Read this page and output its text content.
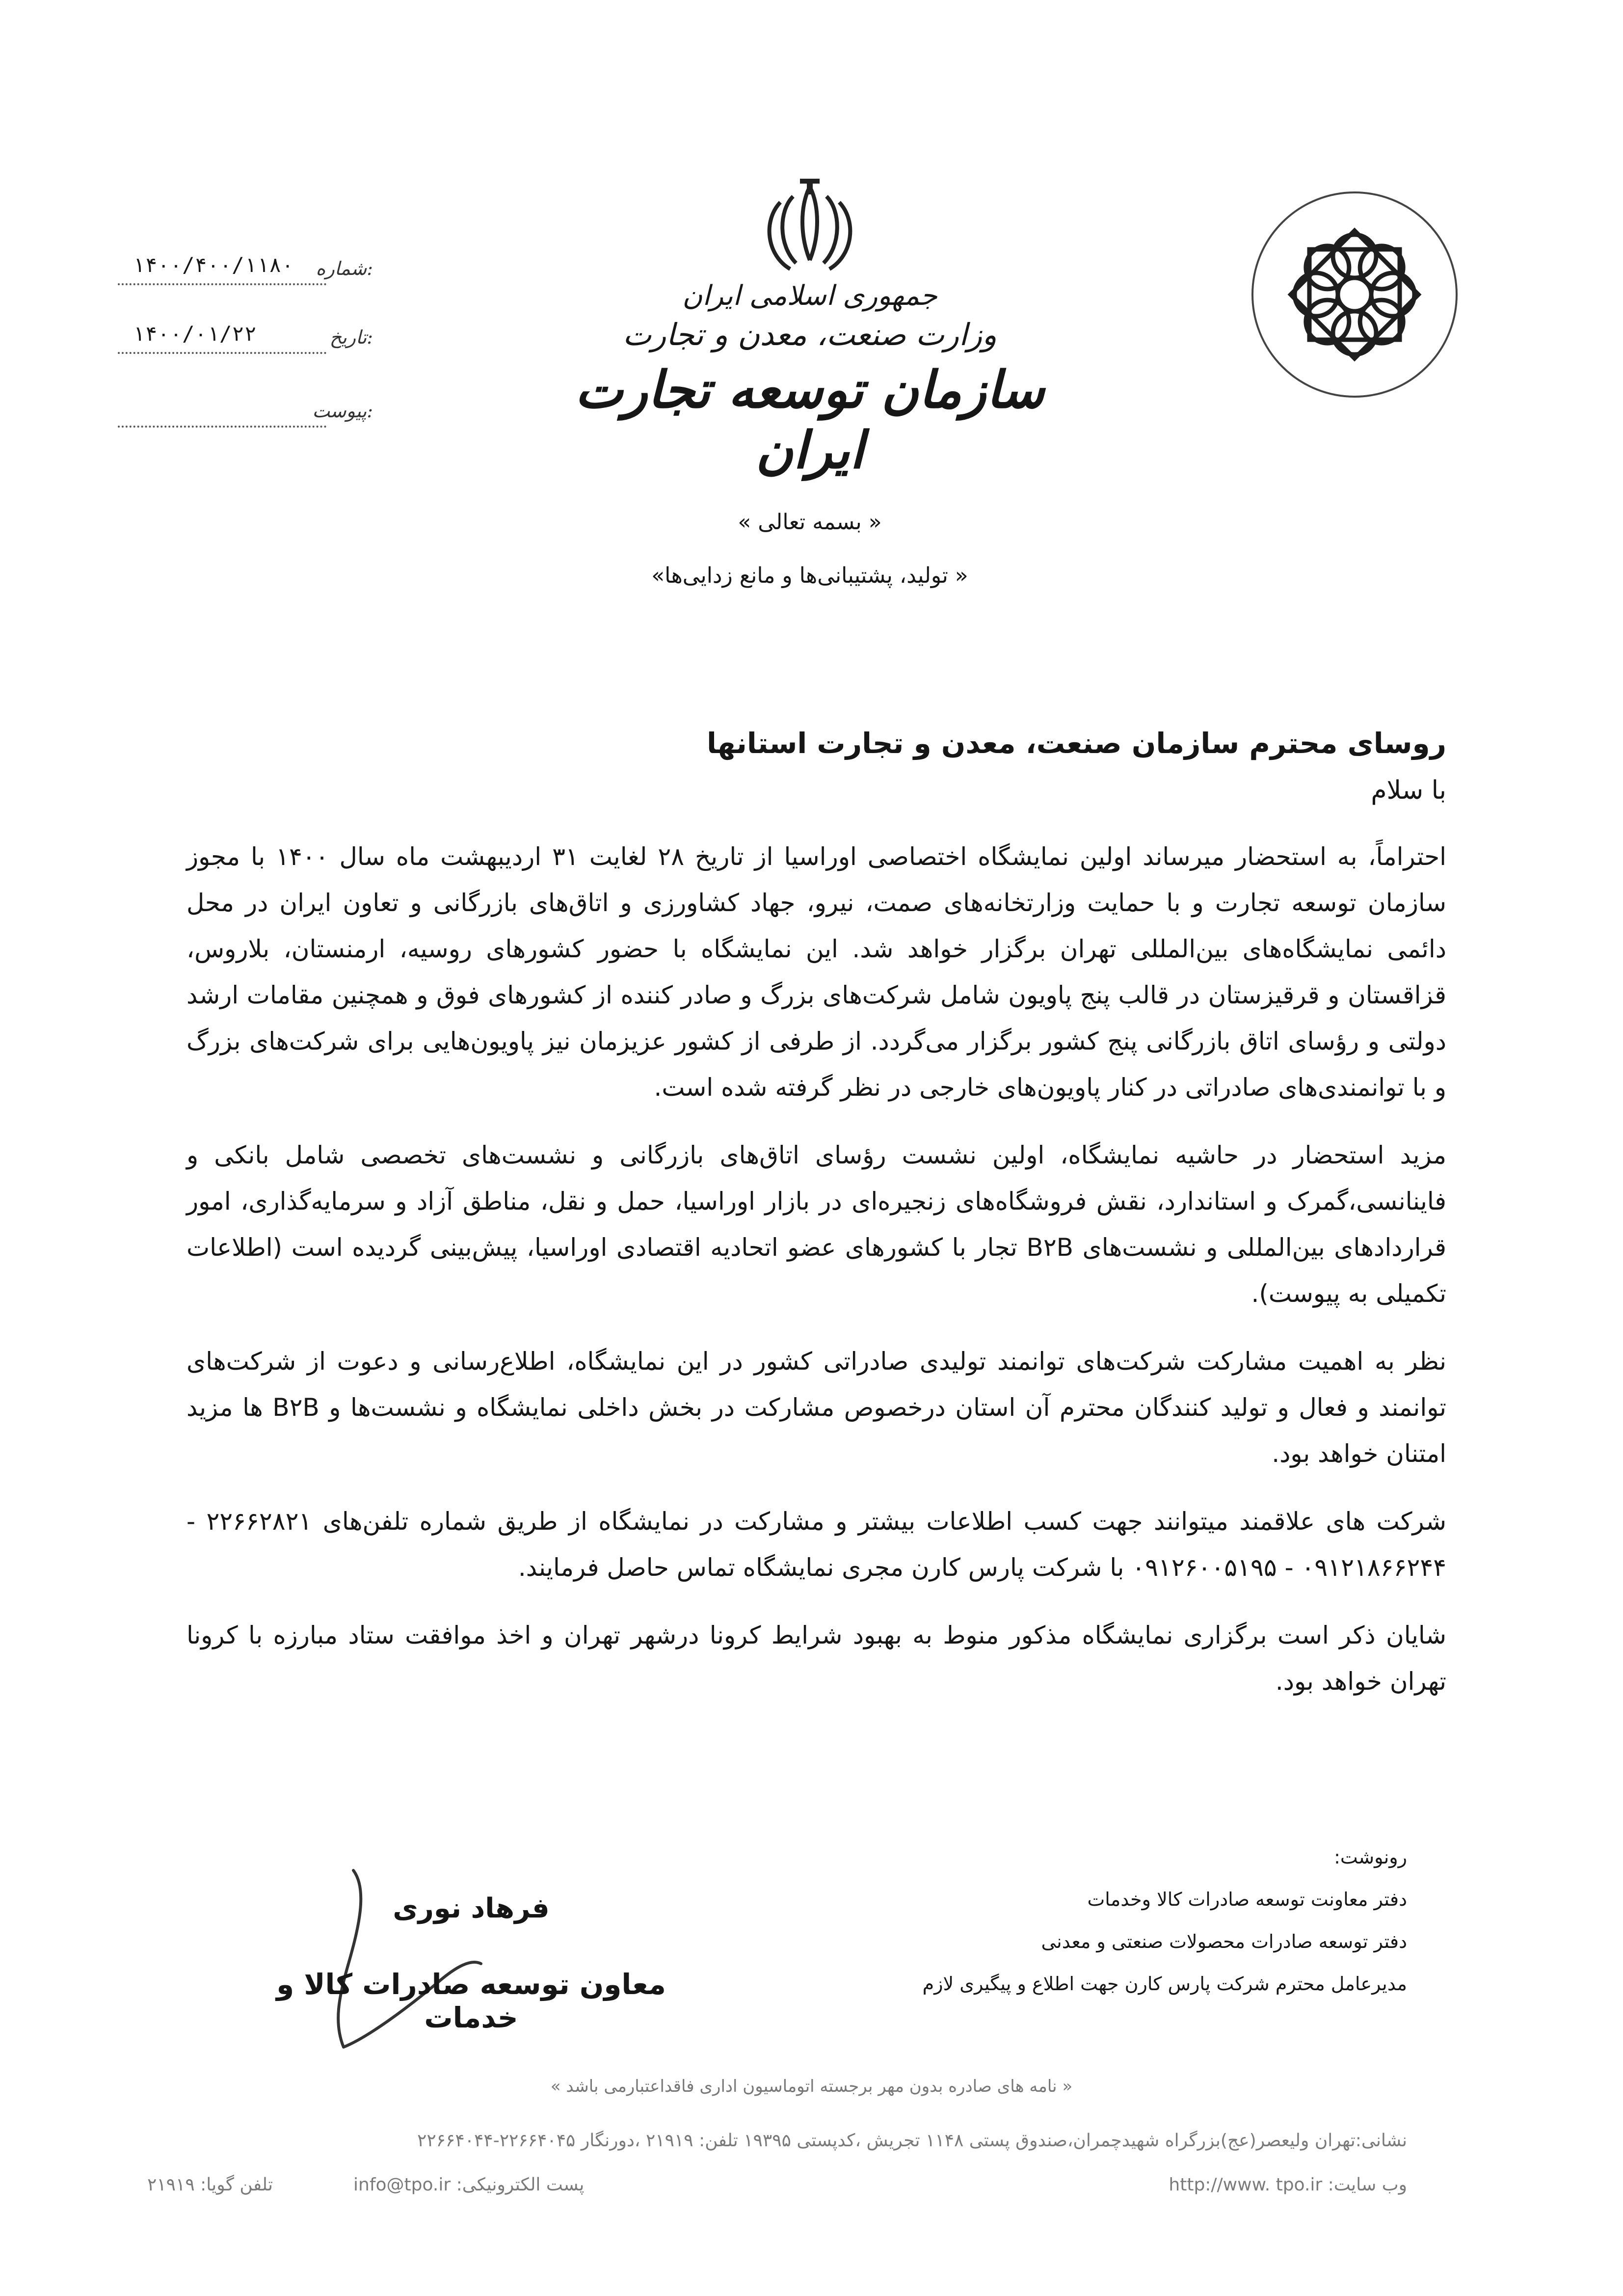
شماره:
۱۴۰۰/۴۰۰/۱۱۸۰
تاریخ:
۱۴۰۰/۰۱/۲۲
پیوست:
جمهوری اسلامی ایران
وزارت صنعت، معدن و تجارت
سازمان توسعه تجارت ایران
« بسمه تعالی »
« تولید، پشتیبانی‌ها و مانع زدایی‌ها»
روسای محترم سازمان صنعت، معدن و تجارت استانها
با سلام

احتراماً، به استحضار میرساند اولین نمایشگاه اختصاصی اوراسیا از تاریخ ۲۸ لغایت ۳۱ اردیبهشت ماه سال ۱۴۰۰ با مجوز سازمان توسعه تجارت و با حمایت وزارتخانه‌های صمت، نیرو، جهاد کشاورزی و اتاق‌های بازرگانی و تعاون ایران در محل دائمی نمایشگاه‌های بین‌المللی تهران برگزار خواهد شد. این نمایشگاه با حضور کشورهای روسیه، ارمنستان، بلاروس، قزاقستان و قرقیزستان در قالب پنج پاویون شامل شرکت‌های بزرگ و صادر کننده از کشورهای فوق و همچنین مقامات ارشد دولتی و رؤسای اتاق بازرگانی پنج کشور برگزار می‌گردد. از طرفی از کشور عزیزمان نیز پاویون‌هایی برای شرکت‌های بزرگ و با توانمندی‌های صادراتی در کنار پاویون‌های خارجی در نظر گرفته شده است.

مزید استحضار در حاشیه نمایشگاه، اولین نشست رؤسای اتاق‌های بازرگانی و نشست‌های تخصصی شامل بانکی و فاینانسی،گمرک و استاندارد، نقش فروشگاه‌های زنجیره‌ای در بازار اوراسیا، حمل و نقل، مناطق آزاد و سرمایه‌گذاری، امور قراردادهای بین‌المللی و نشست‌های B۲B تجار با کشورهای عضو اتحادیه اقتصادی اوراسیا، پیش‌بینی گردیده است (اطلاعات تکمیلی به پیوست).

نظر به اهمیت مشارکت شرکت‌های توانمند تولیدی صادراتی کشور در این نمایشگاه، اطلاع‌رسانی و دعوت از شرکت‌های توانمند و فعال و تولید کنندگان محترم آن استان درخصوص مشارکت در بخش داخلی نمایشگاه و نشست‌ها و B۲B ها مزید امتنان خواهد بود.

شرکت های علاقمند میتوانند جهت کسب اطلاعات بیشتر و مشارکت در نمایشگاه از طریق شماره تلفن‌های ۲۲۶۶۲۸۲۱ - ۰۹۱۲۱۸۶۶۲۴۴ - ۰۹۱۲۶۰۰۵۱۹۵ با شرکت پارس کارن مجری نمایشگاه تماس حاصل فرمایند.

شایان ذکر است برگزاری نمایشگاه مذکور منوط به بهبود شرایط کرونا درشهر تهران و اخذ موافقت ستاد مبارزه با کرونا تهران خواهد بود.

فرهاد نوری
معاون توسعه صادرات کالا و خدمات
رونوشت:
دفتر معاونت توسعه صادرات کالا وخدمات
دفتر توسعه صادرات محصولات صنعتی و معدنی
مدیرعامل محترم شرکت پارس کارن جهت اطلاع و پیگیری لازم
« نامه های صادره بدون مهر برجسته اتوماسیون اداری فاقداعتبارمی باشد »
نشانی:تهران ولیعصر(عج)بزرگراه شهیدچمران،صندوق پستی ۱۱۴۸ تجریش ،کدپستی ۱۹۳۹۵ تلفن: ۲۱۹۱۹ ،دورنگار ۲۲۶۶۴۰۴۵-۲۲۶۶۴۰۴۴
وب سایت: http://www. tpo.ir
پست الکترونیکی: info@tpo.ir
تلفن گویا: ۲۱۹۱۹
